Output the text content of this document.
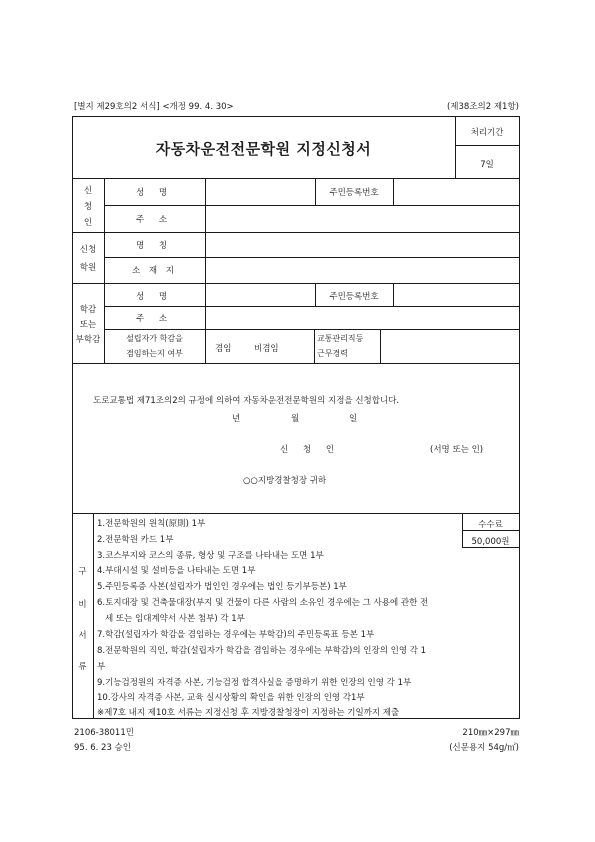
[별지 제29호의2 서식] <개정 99. 4. 30>	(제38조의2 제1항)
자동차운전전문학원 지정신청서
처리기간
7일
신
청
인
성 명	주민등록번호
주 소
신청
학원
명 칭
소 재 지
학감
또는
부학감
성 명	주민등록번호
주 소
설립자가 학감을
겸임하는지 여부	겸임	비겸임
교통관리직등
근무경력
도로교통법 제71조의2의 규정에 의하여 자동차운전전문학원의 지정을 신청합니다.
년	월	일
신 청 인	(서명 또는 인)
○○지방경찰청장 귀하
구
비
서
류
수수료
50,000원
1.전문학원의 원칙(原則) 1부
2.전문학원 카드 1부
3.코스부지와 코스의 종류, 형상 및 구조를 나타내는 도면 1부
4.부대시설 및 설비등을 나타내는 도면 1부
5.주민등록증 사본(설립자가 법인인 경우에는 법인 등기부등본) 1부
6.토지대장 및 건축물대장(부지 및 건물이 다른 사람의 소유인 경우에는 그 사용에 관한 전
세 또는 임대계약서 사본 첨부) 각 1부
7.학감(설립자가 학감을 겸임하는 경우에는 부학감)의 주민등록표 등본 1부
8.전문학원의 직인, 학감(설립자가 학감을 겸임하는 경우에는 부학감)의 인장의 인영 각 1
부
9.기능검정원의 자격증 사본, 기능검정 합격사실을 증명하기 위한 인장의 인영 각 1부
10.강사의 자격증 사본, 교육 실시상황의 확인을 위한 인장의 인영 각1부
※제7호 내지 제10호 서류는 지정신청 후 지방경찰청장이 지정하는 기일까지 제출
2106-38011민
95. 6. 23 승인
210㎜×297㎜
(신문용지 54g/㎡)
